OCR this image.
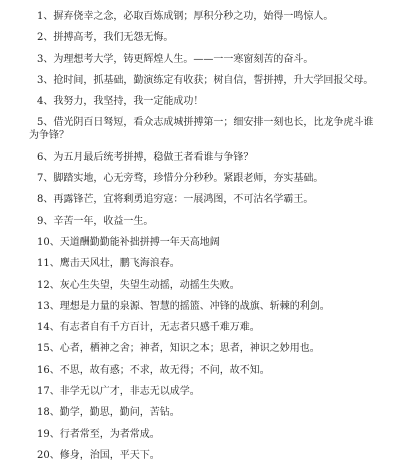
1、摒弃侥幸之念，必取百炼成钢；厚积分秒之功，始得一鸣惊人。
2、拼搏高考，我们无怨无悔。
3、为理想考大学，铸更辉煌人生。——一一寒窗刻苦的奋斗。
3、抢时间，抓基础，勤演练定有收获；树自信，誓拼搏，升大学回报父母。
4、我努力，我坚持，我一定能成功！
5、借光阴百日驽短，看众志成城拼搏第一；细安排一刻也长，比龙争虎斗谁
为争锋？
6、为五月最后统考拼搏，稳做王者看谁与争锋？
7、脚踏实地，心无旁骛，珍惜分分秒秒。紧跟老师，夯实基础。
8、再露锋芒，宜将剩勇追穷寇：一展鸿图，不可沽名学霸王。
9、辛苦一年，收益一生。
10、天道酬勤勤能补拙拼搏一年天高地阔
11、鹰击天风壮，鹏飞海浪春。
12、灰心生失望，失望生动摇，动摇生失败。
13、理想是力量的泉源、智慧的摇篮、冲锋的战旗、斩棘的利剑。
14、有志者自有千方百计，无志者只感千难万难。
15、心者，栖神之舍；神者，知识之本；思者，神识之妙用也。
16、不思，故有惑；不求，故无得；不问，故不知。
17、非学无以广才，非志无以成学。
18、勤学，勤思，勤问，苦钻。
19、行者常至，为者常成。
20、修身，治国，平天下。
